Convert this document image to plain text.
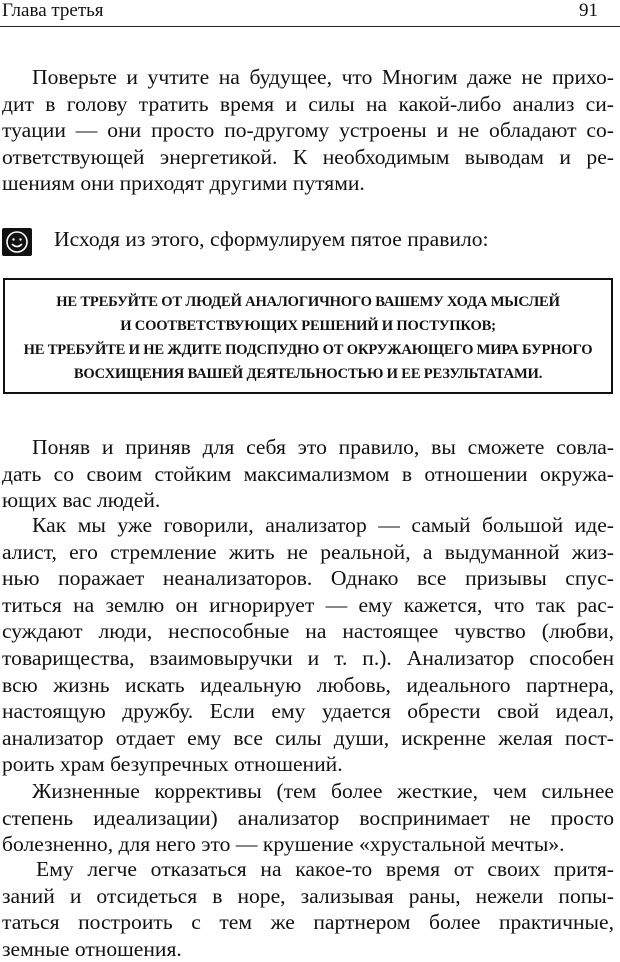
Глава третья	91

Поверьте и учтите на будущее, что Многим даже не прихо-
дит в голову тратить время и силы на какой-либо анализ си-
туации — они просто по-другому устроены и не обладают со-
ответствующей энергетикой. К необходимым выводам и ре-
шениям они приходят другими путями.

Исходя из этого, сформулируем пятое правило:
НЕ ТРЕБУЙТЕ ОТ ЛЮДЕЙ АНАЛОГИЧНОГО ВАШЕМУ ХОДА МЫСЛЕЙ
И СООТВЕТСТВУЮЩИХ РЕШЕНИЙ И ПОСТУПКОВ;
НЕ ТРЕБУЙТЕ И НЕ ЖДИТЕ ПОДСПУДНО ОТ ОКРУЖАЮЩЕГО МИРА БУРНОГО
ВОСХИЩЕНИЯ ВАШЕЙ ДЕЯТЕЛЬНОСТЬЮ И ЕЕ РЕЗУЛЬТАТАМИ.

Поняв и приняв для себя это правило, вы сможете совла-
дать со своим стойким максимализмом в отношении окружа-
ющих вас людей.

Как мы уже говорили, анализатор — самый большой иде-
алист, его стремление жить не реальной, а выдуманной жиз-
нью поражает неанализаторов. Однако все призывы спус-
титься на землю он игнорирует — ему кажется, что так рас-
суждают люди, неспособные на настоящее чувство (любви,
товарищества, взаимовыручки и т. п.). Анализатор способен
всю жизнь искать идеальную любовь, идеального партнера,
настоящую дружбу. Если ему удается обрести свой идеал,
анализатор отдает ему все силы души, искренне желая пост-
роить храм безупречных отношений.

Жизненные коррективы (тем более жесткие, чем сильнее
степень идеализации) анализатор воспринимает не просто
болезненно, для него это — крушение «хрустальной мечты».

Ему легче отказаться на какое-то время от своих притя-
заний и отсидеться в норе, зализывая раны, нежели попы-
таться построить с тем же партнером более практичные,
земные отношения.
